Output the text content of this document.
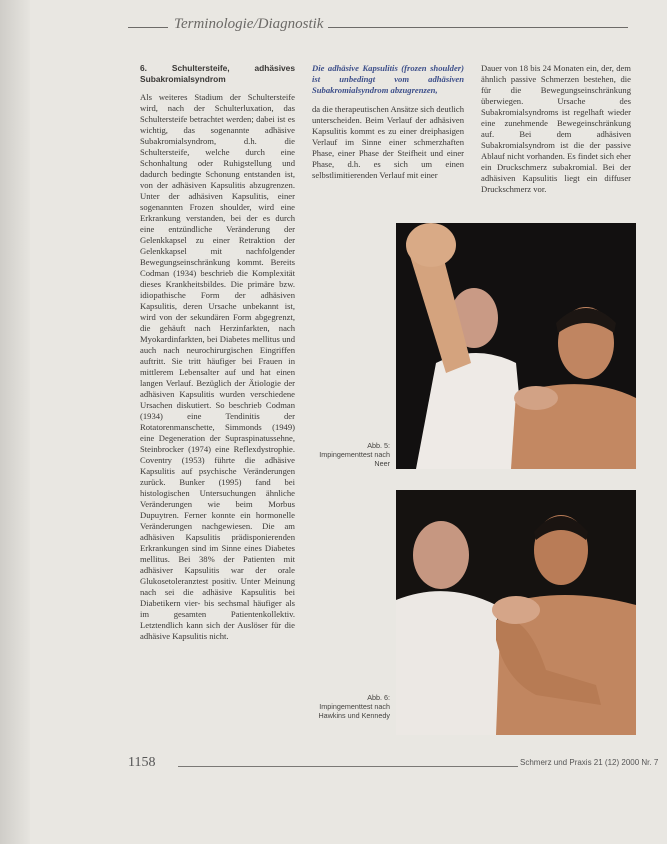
Terminologie/Diagnostik

6. Schultersteife, adhäsives Subakromialsyndrom

Als weiteres Stadium der Schultersteife wird, nach der Schulterluxation, das Schultersteife betrachtet werden; dabei ist es wichtig, das sogenannte adhäsive Subakromialsyndrom, d.h. die Schultersteife, welche durch eine Schonhaltung oder Ruhigstellung und dadurch bedingte Schonung entstanden ist, von der adhäsiven Kapsulitis abzugrenzen. Unter der adhäsiven Kapsulitis, einer sogenannten Frozen shoulder, wird eine Erkrankung verstanden, bei der es durch eine entzündliche Veränderung der Gelenkkapsel zu einer Retraktion der Gelenkkapsel mit nachfolgender Bewegungseinschränkung kommt. Bereits Codman (1934) beschrieb die Komplexität dieses Krankheitsbildes. Die primäre bzw. idiopathische Form der adhäsiven Kapsulitis, deren Ursache unbekannt ist, wird von der sekundären Form abgegrenzt, die gehäuft nach Herzinfarkten, nach Myokardinfarkten, bei Diabetes mellitus und auch nach neurochirurgischen Eingriffen auftritt. Sie tritt häufiger bei Frauen in mittlerem Lebensalter auf und hat einen langen Verlauf. Bezüglich der Ätiologie der adhäsiven Kapsulitis wurden verschiedene Ursachen diskutiert. So beschrieb Codman (1934) eine Tendinitis der Rotatorenmanschette, Simmonds (1949) eine Degeneration der Supraspinatussehne, Steinbrocker (1974) eine Reflexdystrophie. Coventry (1953) führte die adhäsive Kapsulitis auf psychische Veränderungen zurück. Bunker (1995) fand bei histologischen Untersuchungen ähnliche Veränderungen wie beim Morbus Dupuytren. Ferner konnte ein hormonelle Veränderungen nachgewiesen. Die am adhäsiven Kapsulitis prädisponierenden Erkrankungen sind im Sinne eines Diabetes mellitus. Bei 38% der Patienten mit adhäsiver Kapsulitis war der orale Glukosetoleranztest positiv. Unter Meinung nach sei die adhäsive Kapsulitis bei Diabetikern vier- bis sechsmal häufiger als im gesamten Patientenkollektiv. Letztendlich kann sich der Auslöser für die adhäsive Kapsulitis nicht.

Die adhäsive Kapsulitis (frozen shoulder) ist unbedingt vom adhäsiven Subakromialsyndrom abzugrenzen,

da die therapeutischen Ansätze sich deutlich unterscheiden. Beim Verlauf der adhäsiven Kapsulitis kommt es zu einer dreiphasigen Verlauf im Sinne einer schmerzhaften Phase, einer Phase der Steifheit und einer Phase, d.h. es sich um einen selbstlimitierenden Verlauf mit einer

Dauer von 18 bis 24 Monaten ein, der, dem ähnlich passive Schmerzen bestehen, die für die Bewegungseinschränkung überwiegen. Ursache des Subakromialsyndroms ist regelhaft wieder eine zunehmende Bewegeinschränkung auf. Bei dem adhäsiven Subakromialsyndrom ist die der passive Ablauf nicht vorhanden. Es findet sich eher ein Druckschmerz subakromial. Bei der adhäsiven Kapsulitis liegt ein diffuser Druckschmerz vor.

Abb. 5: Impingementtest nach Neer
Abb. 6: Impingementtest nach Hawkins und Kennedy
1158	Schmerz und Praxis 21 (12) 2000 Nr. 7
